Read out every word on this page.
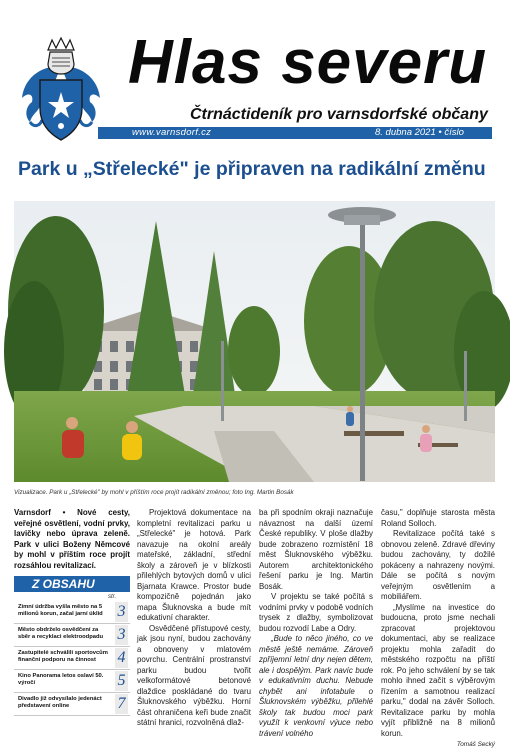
Hlas severu
Čtrnáctideník pro varnsdorfské občany
www.varnsdorf.cz	8. dubna 2021 • číslo
Park u „Střelecké" je připraven na radikální změnu
Vizualizace. Park u „Střelecké" by mohl v příštím roce projít radikální změnou; foto Ing. Martin Bosák

Varnsdorf • Nové cesty, veřejné osvětlení, vodní prvky, lavičky nebo úprava zeleně. Park v ulici Boženy Němcové by mohl v příštím roce projít rozsáhlou revitalizací.

Z OBSAHU ČÍSLA	str.
Zimní údržba vyšla město na 5 milionů korun, začal jarní úklid 3
Město obdrželo osvědčení za sběr a recyklaci elektroodpadu 3
Zastupitelé schválili sportovcům finanční podporu na činnost	4
Kino Panorama letos oslaví 50. výročí	5
Divadlo již odvysílalo jedenáct představení online	7

Projektová dokumentace na kompletní revitalizaci parku u „Střelecké" je hotová. Park navazuje na okolní areály mateřské, základní, střední školy a zároveň je v blízkosti přilehlých bytových domů v ulici Bjarnata Krawce. Prostor bude kompozičně pojednán jako mapa Šluknovska a bude mít edukativní charakter.

Osvědčené přístupové cesty, jak jsou nyní, budou zachovány a obnoveny v mlatovém povrchu. Centrální prostranství parku budou tvořit velkoformátové betonové dlaždice poskládané do tvaru Šluknovského výběžku. Horní část ohraničena keři bude značit státní hranici, rozvolněná dlaž-

ba při spodním okraji naznačuje návaznost na další území České republiky. V ploše dlažby bude zobrazeno rozmístění 18 měst Šluknovského výběžku. Autorem architektonického řešení parku je Ing. Martin Bosák.

V projektu se také počítá s vodními prvky v podobě vodních trysek z dlažby, symbolizovat budou rozvodí Labe a Odry.

„Bude to něco jiného, co ve městě ještě nemáme. Zároveň zpříjemní letní dny nejen dětem, ale i dospělým. Park navíc bude v edukativním duchu. Nebude chybět ani infotabule o Šluknovském výběžku, přilehlé školy tak budou moci park využít k venkovní výuce nebo trávení volného

času," doplňuje starosta města Roland Solloch.

Revitalizace počítá také s obnovou zeleně. Zdravé dřeviny budou zachovány, ty dožilé pokáceny a nahrazeny novými. Dále se počítá s novým veřejným osvětlením a mobiliářem.

„Myslíme na investice do budoucna, proto jsme nechali zpracovat projektovou dokumentaci, aby se realizace projektu mohla zařadit do městského rozpočtu na příští rok. Po jeho schválení by se tak mohlo ihned začít s výběrovým řízením a samotnou realizací parku," dodal na závěr Solloch. Revitalizace parku by mohla vyjít přibližně na 8 milionů korun.

Tomáš Secký
